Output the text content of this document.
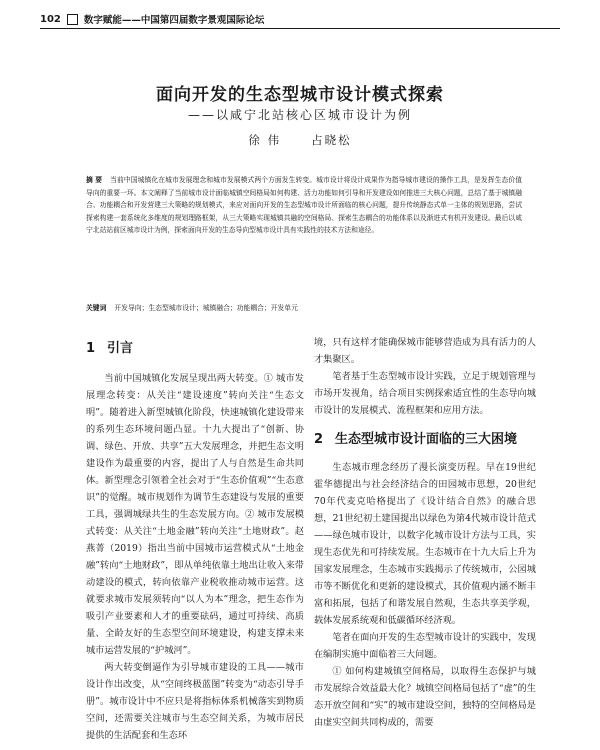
102 数字赋能——中国第四届数字景观国际论坛
面向开发的生态型城市设计模式探索
——以咸宁北站核心区城市设计为例
徐 伟	占晓松
摘 要 当前中国城镇化在城市发展理念和城市发展模式两个方面发生转变。城市设计将设计成果作为指导城市建设的操作工具，是发挥生态价值导向的重要一环。本文阐释了当前城市设计面临城镇空间格局如何构建、活力功能如何引导和开发建设如何推进三大核心问题，总结了基于城镇融合、功能耦合和开发营建三大策略的规划模式，来应对面向开发的生态型城市设计所面临的核心问题，提升传统静态式单一主体的规划思路，尝试探索构建一套系统化多维度的规划理路框架，从三大策略实现城镇共融的空间格局、探索生态耦合的功能体系以及渐进式有机开发建设。最后以咸宁北站站前区城市设计为例，探索面向开发的生态导向型城市设计具有实践性的技术方法和途径。
关键词 开发导向；生态型城市设计；城镇融合；功能耦合；开发单元
1 引言

当前中国城镇化发展呈现出两大转变。① 城市发展理念转变：从关注“建设速度”转向关注“生态文明”。随着进入新型城镇化阶段，快速城镇化建设带来的系列生态环境问题凸显。十九大提出了“创新、协调、绿色、开放、共享”五大发展理念，并把生态文明建设作为最重要的内容，提出了人与自然是生命共同体。新型理念引领着全社会对于“生态价值观”“生态意识”的觉醒。城市规划作为调节生态建设与发展的重要工具，强调城绿共生的生态发展方向。② 城市发展模式转变：从关注“土地金融”转向关注“土地财政”。赵燕菁（2019）指出当前中国城市运营模式从“土地金融”转向“土地财政”，即从单纯依靠土地出让收入来带动建设的模式，转向依靠产业税收推动城市运营。这就要求城市发展须转向“以人为本”理念，把生态作为吸引产业要素和人才的重要砝码，通过可持续、高质量、全龄友好的生态型空间环境建设，构建支撑未来城市运营发展的“护城河”。

两大转变倒逼作为引导城市建设的工具——城市设计作出改变，从“空间终极蓝图”转变为“动态引导手册”。城市设计中不应只是将指标体系机械落实到物质空间，还需要关注城市与生态空间关系，为城市居民提供的生活配套和生态环

境，只有这样才能确保城市能够营造成为具有活力的人才集聚区。

笔者基于生态型城市设计实践，立足于规划管理与市场开发视角，结合项目实例探索适宜性的生态导向城市设计的发展模式、流程框架和应用方法。

2 生态型城市设计面临的三大困境

生态城市理念经历了漫长演变历程。早在19世纪霍华德提出与社会经济结合的田园城市思想，20世纪70年代麦克哈格提出了《设计结合自然》的融合思想，21世纪初土建国提出以绿色为第4代城市设计范式——绿色城市设计，以数字化城市设计方法与工具，实现生态优先和可持续发展。生态城市在十九大后上升为国家发展理念，生态城市实践揭示了传统城市，公园城市等不断优化和更新的建设模式，其价值观内涵不断丰富和拓展，包括了和谐发展自然观，生态共享美学观，载体发展系统观和低碳循环经济观。

笔者在面向开发的生态型城市设计的实践中，发现在编制实施中面临着三大问题。

① 如何构建城镇空间格局，以取得生态保护与城市发展综合效益最大化？城镇空间格局包括了“虚”的生态开放空间和“实”的城市建设空间，独特的空间格局是由虚实空间共同构成的，需要
